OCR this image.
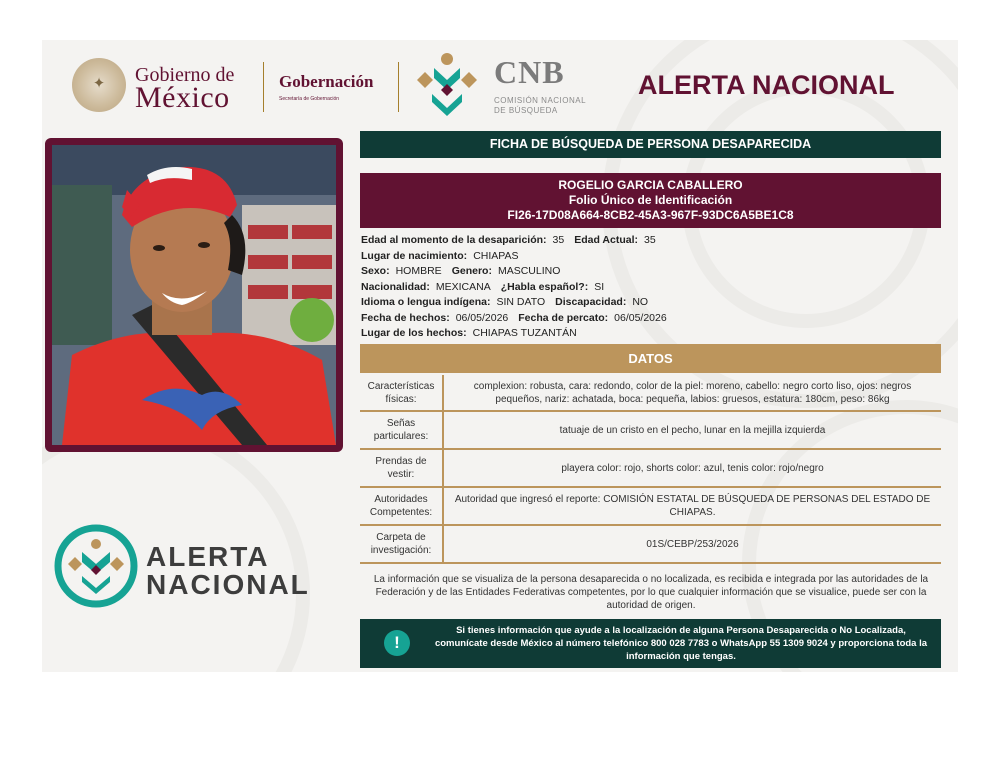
✦	Gobierno de
México	Gobernación
Secretaría de Gobernación
CNB
COMISIÓN NACIONAL
DE BÚSQUEDA
ALERTA NACIONAL
ALERTA
NACIONAL
FICHA DE BÚSQUEDA DE PERSONA DESAPARECIDA
ROGELIO GARCIA CABALLERO
Folio Único de Identificación
FI26-17D08A664-8CB2-45A3-967F-93DC6A5BE1C8
Edad al momento de la desaparición: 35 Edad Actual: 35
Lugar de nacimiento: CHIAPAS
Sexo: HOMBRE Genero: MASCULINO
Nacionalidad: MEXICANA ¿Habla español?: SI
Idioma o lengua indígena: SIN DATO Discapacidad: NO
Fecha de hechos: 06/05/2026 Fecha de percato: 06/05/2026
Lugar de los hechos: CHIAPAS TUZANTÁN
DATOS
Características físicas:	complexion: robusta, cara: redondo, color de la piel: moreno, cabello: negro corto liso, ojos: negros pequeños, nariz: achatada, boca: pequeña, labios: gruesos, estatura: 180cm, peso: 86kg
Señas particulares:	tatuaje de un cristo en el pecho, lunar en la mejilla izquierda
Prendas de vestir:	playera color: rojo, shorts color: azul, tenis color: rojo/negro
Autoridades Competentes:	Autoridad que ingresó el reporte: COMISIÓN ESTATAL DE BÚSQUEDA DE PERSONAS DEL ESTADO DE CHIAPAS.
Carpeta de investigación:	01S/CEBP/253/2026
La información que se visualiza de la persona desaparecida o no localizada, es recibida e integrada por las autoridades de la Federación y de las Entidades Federativas competentes, por lo que cualquier información que se visualice, puede ser con la autoridad de origen.
!
Si tienes información que ayude a la localización de alguna Persona Desaparecida o No Localizada, comunícate desde México al número telefónico 800 028 7783 o WhatsApp 55 1309 9024 y proporciona toda la información que tengas.
